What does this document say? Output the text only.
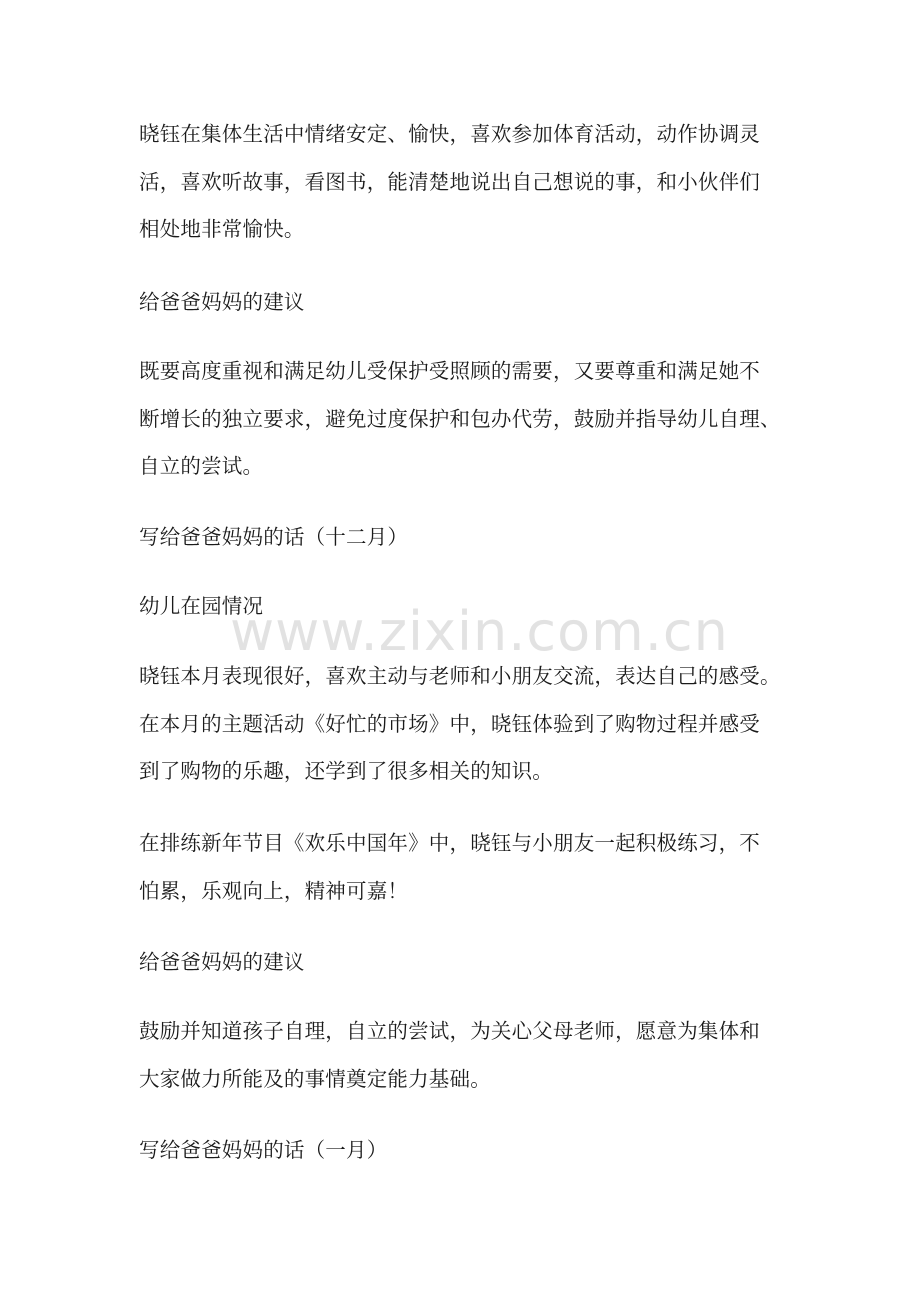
晓钰在集体生活中情绪安定、愉快，喜欢参加体育活动，动作协调灵
活，喜欢听故事，看图书，能清楚地说出自己想说的事，和小伙伴们
相处地非常愉快。

给爸爸妈妈的建议

既要高度重视和满足幼儿受保护受照顾的需要，又要尊重和满足她不
断增长的独立要求，避免过度保护和包办代劳，鼓励并指导幼儿自理、
自立的尝试。

写给爸爸妈妈的话（十二月）

幼儿在园情况

晓钰本月表现很好，喜欢主动与老师和小朋友交流，表达自己的感受。
在本月的主题活动《好忙的市场》中，晓钰体验到了购物过程并感受
到了购物的乐趣，还学到了很多相关的知识。

在排练新年节目《欢乐中国年》中，晓钰与小朋友一起积极练习，不
怕累，乐观向上，精神可嘉！

给爸爸妈妈的建议

鼓励并知道孩子自理，自立的尝试，为关心父母老师，愿意为集体和
大家做力所能及的事情奠定能力基础。

写给爸爸妈妈的话（一月）

www.zixin.com.cn
